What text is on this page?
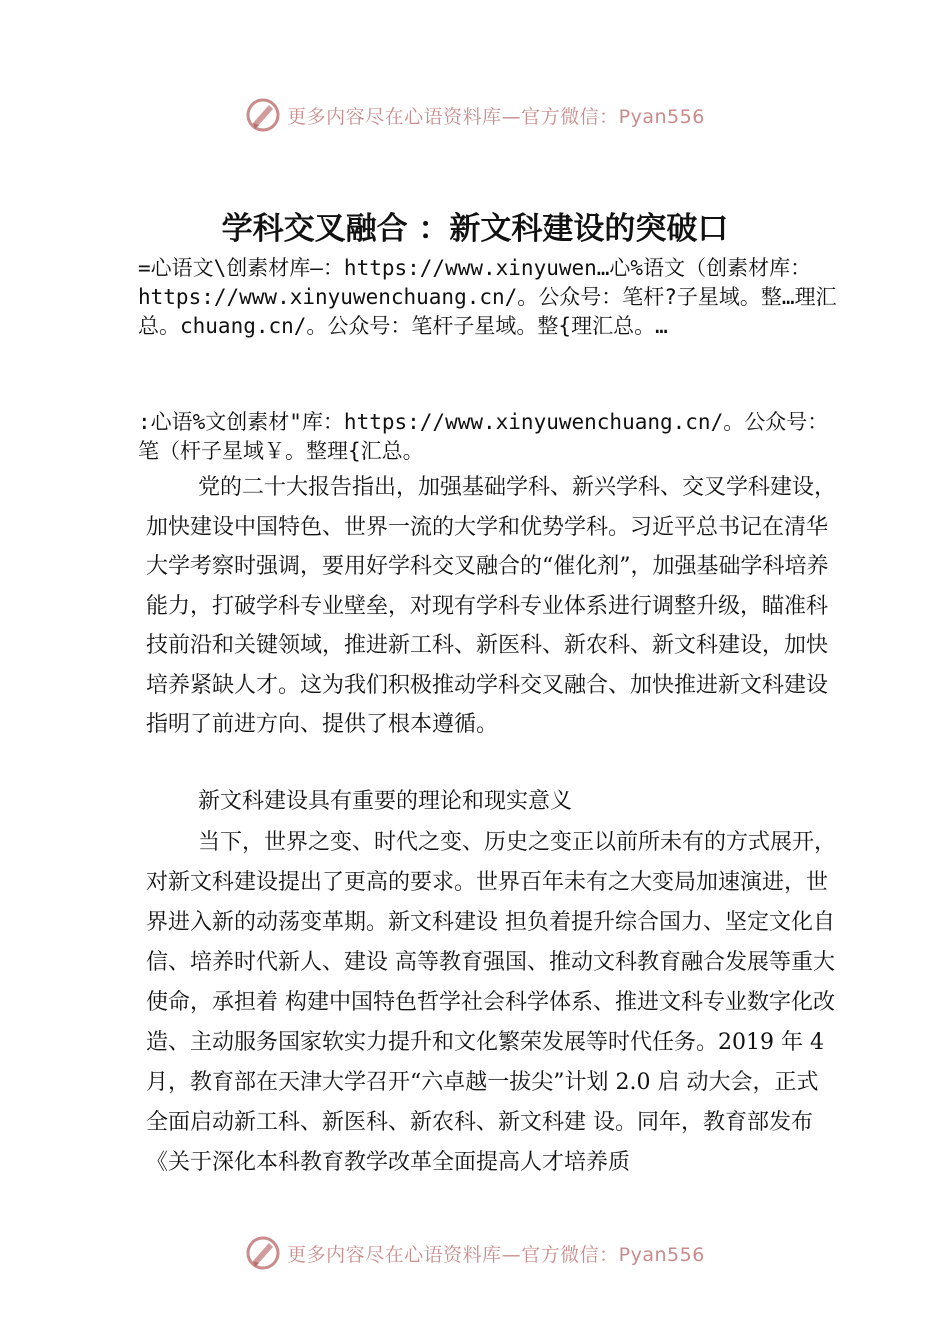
更多内容尽在心语资料库—官方微信：Pyan556
学科交叉融合 ：新文科建设的突破口
=心语文\创素材库—：https://www.xinyuwen…心%语文（创素材库：https://www.xinyuwenchuang.cn/。公众号：笔杆?子星域。整…理汇总。chuang.cn/。公众号：笔杆子星域。整{理汇总。…
:心语%文创素材"库：https://www.xinyuwenchuang.cn/。公众号：笔（杆子星域￥。整理{汇总。

党的二十大报告指出，加强基础学科、新兴学科、交叉学科建设，加快建设中国特色、世界一流的大学和优势学科。习近平总书记在清华大学考察时强调，要用好学科交叉融合的“催化剂”，加强基础学科培养能力，打破学科专业壁垒，对现有学科专业体系进行调整升级，瞄准科技前沿和关键领域，推进新工科、新医科、新农科、新文科建设，加快培养紧缺人才。这为我们积极推动学科交叉融合、加快推进新文科建设指明了前进方向、提供了根本遵循。

新文科建设具有重要的理论和现实意义

当下，世界之变、时代之变、历史之变正以前所未有的方式展开，对新文科建设提出了更高的要求。世界百年未有之大变局加速演进，世界进入新的动荡变革期。新文科建设 担负着提升综合国力、坚定文化自信、培养时代新人、建设 高等教育强国、推动文科教育融合发展等重大使命，承担着 构建中国特色哲学社会科学体系、推进文科专业数字化改造、主动服务国家软实力提升和文化繁荣发展等时代任务。2019 年 4 月，教育部在天津大学召开“六卓越一拔尖”计划 2.0 启 动大会，正式全面启动新工科、新医科、新农科、新文科建 设。同年，教育部发布《关于深化本科教育教学改革全面提高人才培养质

更多内容尽在心语资料库—官方微信：Pyan556
